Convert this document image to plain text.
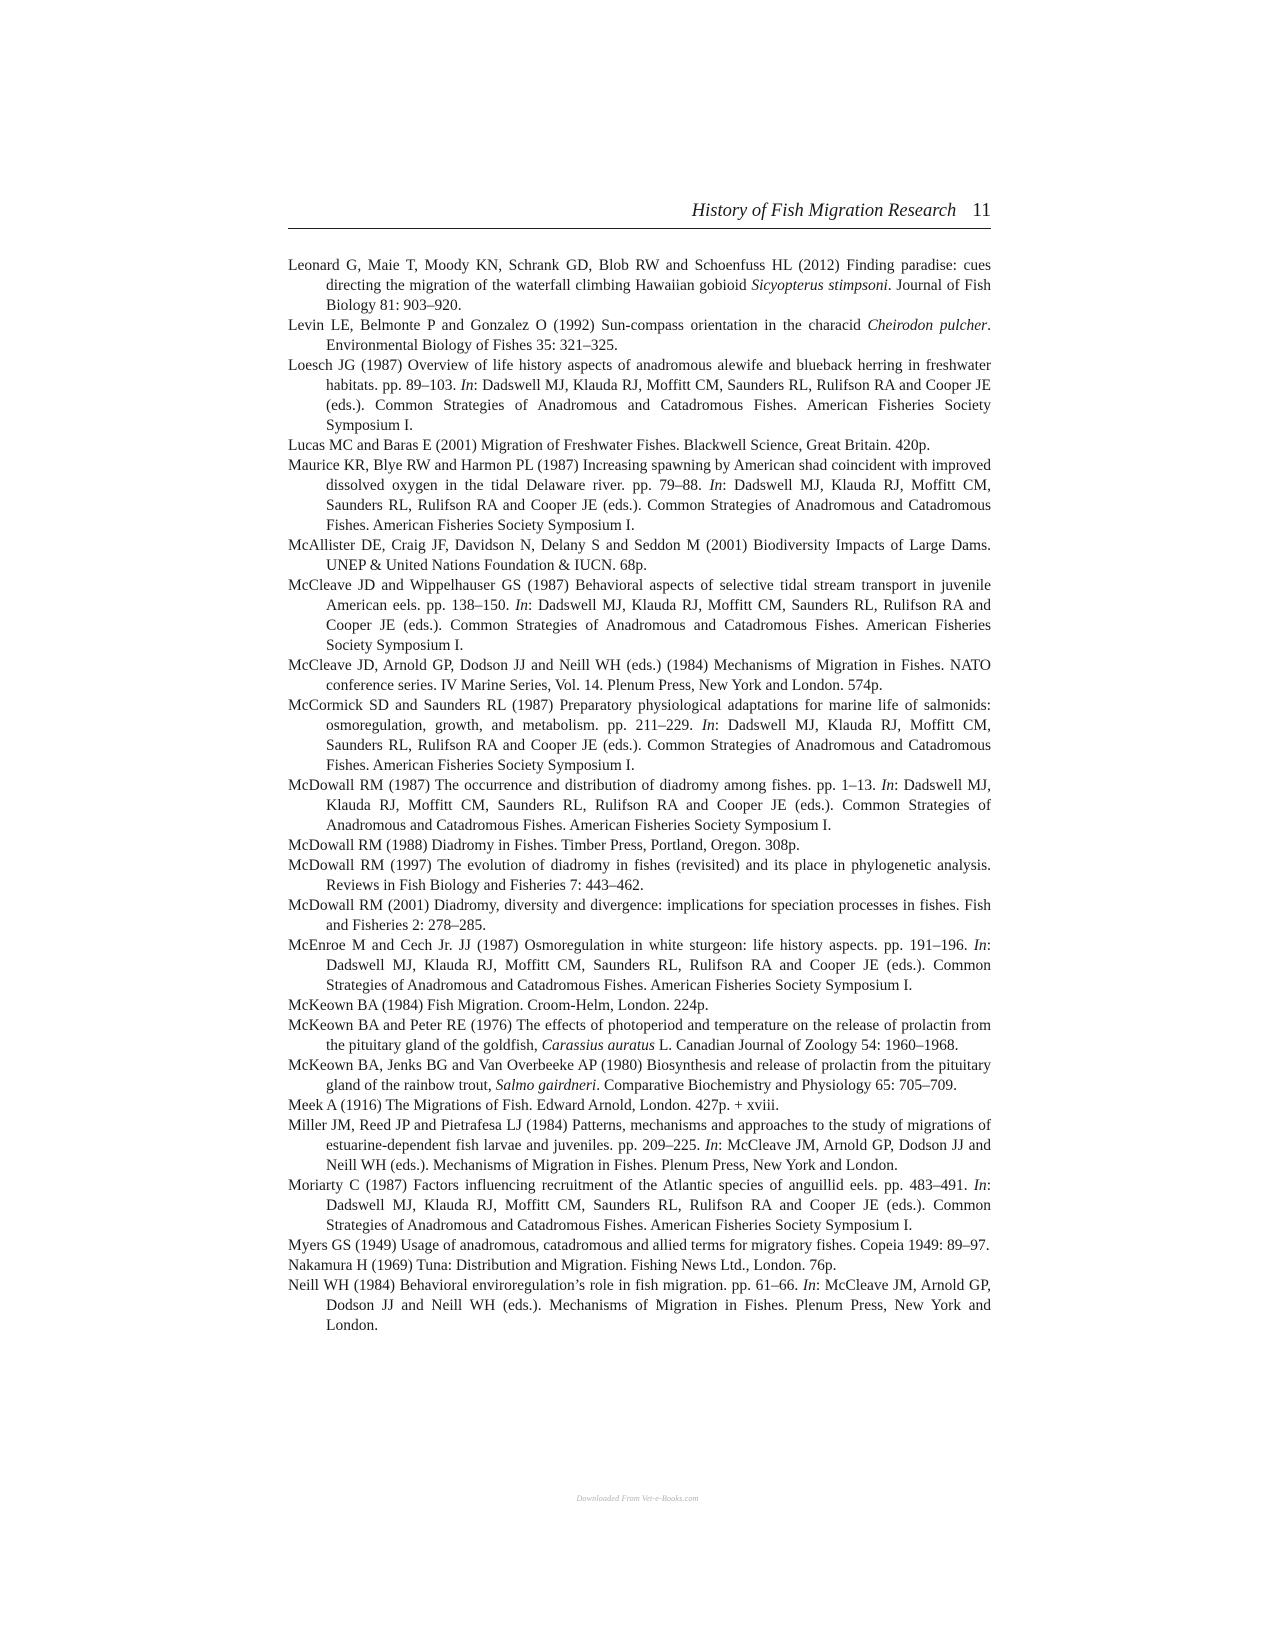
History of Fish Migration Research 11

Leonard G, Maie T, Moody KN, Schrank GD, Blob RW and Schoenfuss HL (2012) Finding paradise: cues directing the migration of the waterfall climbing Hawaiian gobioid Sicyopterus stimpsoni. Journal of Fish Biology 81: 903–920.

Levin LE, Belmonte P and Gonzalez O (1992) Sun-compass orientation in the characid Cheirodon pulcher. Environmental Biology of Fishes 35: 321–325.

Loesch JG (1987) Overview of life history aspects of anadromous alewife and blueback herring in freshwater habitats. pp. 89–103. In: Dadswell MJ, Klauda RJ, Moffitt CM, Saunders RL, Rulifson RA and Cooper JE (eds.). Common Strategies of Anadromous and Catadromous Fishes. American Fisheries Society Symposium I.

Lucas MC and Baras E (2001) Migration of Freshwater Fishes. Blackwell Science, Great Britain. 420p.

Maurice KR, Blye RW and Harmon PL (1987) Increasing spawning by American shad coincident with improved dissolved oxygen in the tidal Delaware river. pp. 79–88. In: Dadswell MJ, Klauda RJ, Moffitt CM, Saunders RL, Rulifson RA and Cooper JE (eds.). Common Strategies of Anadromous and Catadromous Fishes. American Fisheries Society Symposium I.

McAllister DE, Craig JF, Davidson N, Delany S and Seddon M (2001) Biodiversity Impacts of Large Dams. UNEP & United Nations Foundation & IUCN. 68p.

McCleave JD and Wippelhauser GS (1987) Behavioral aspects of selective tidal stream transport in juvenile American eels. pp. 138–150. In: Dadswell MJ, Klauda RJ, Moffitt CM, Saunders RL, Rulifson RA and Cooper JE (eds.). Common Strategies of Anadromous and Catadromous Fishes. American Fisheries Society Symposium I.

McCleave JD, Arnold GP, Dodson JJ and Neill WH (eds.) (1984) Mechanisms of Migration in Fishes. NATO conference series. IV Marine Series, Vol. 14. Plenum Press, New York and London. 574p.

McCormick SD and Saunders RL (1987) Preparatory physiological adaptations for marine life of salmonids: osmoregulation, growth, and metabolism. pp. 211–229. In: Dadswell MJ, Klauda RJ, Moffitt CM, Saunders RL, Rulifson RA and Cooper JE (eds.). Common Strategies of Anadromous and Catadromous Fishes. American Fisheries Society Symposium I.

McDowall RM (1987) The occurrence and distribution of diadromy among fishes. pp. 1–13. In: Dadswell MJ, Klauda RJ, Moffitt CM, Saunders RL, Rulifson RA and Cooper JE (eds.). Common Strategies of Anadromous and Catadromous Fishes. American Fisheries Society Symposium I.

McDowall RM (1988) Diadromy in Fishes. Timber Press, Portland, Oregon. 308p.

McDowall RM (1997) The evolution of diadromy in fishes (revisited) and its place in phylogenetic analysis. Reviews in Fish Biology and Fisheries 7: 443–462.

McDowall RM (2001) Diadromy, diversity and divergence: implications for speciation processes in fishes. Fish and Fisheries 2: 278–285.

McEnroe M and Cech Jr. JJ (1987) Osmoregulation in white sturgeon: life history aspects. pp. 191–196. In: Dadswell MJ, Klauda RJ, Moffitt CM, Saunders RL, Rulifson RA and Cooper JE (eds.). Common Strategies of Anadromous and Catadromous Fishes. American Fisheries Society Symposium I.

McKeown BA (1984) Fish Migration. Croom-Helm, London. 224p.

McKeown BA and Peter RE (1976) The effects of photoperiod and temperature on the release of prolactin from the pituitary gland of the goldfish, Carassius auratus L. Canadian Journal of Zoology 54: 1960–1968.

McKeown BA, Jenks BG and Van Overbeeke AP (1980) Biosynthesis and release of prolactin from the pituitary gland of the rainbow trout, Salmo gairdneri. Comparative Biochemistry and Physiology 65: 705–709.

Meek A (1916) The Migrations of Fish. Edward Arnold, London. 427p. + xviii.

Miller JM, Reed JP and Pietrafesa LJ (1984) Patterns, mechanisms and approaches to the study of migrations of estuarine-dependent fish larvae and juveniles. pp. 209–225. In: McCleave JM, Arnold GP, Dodson JJ and Neill WH (eds.). Mechanisms of Migration in Fishes. Plenum Press, New York and London.

Moriarty C (1987) Factors influencing recruitment of the Atlantic species of anguillid eels. pp. 483–491. In: Dadswell MJ, Klauda RJ, Moffitt CM, Saunders RL, Rulifson RA and Cooper JE (eds.). Common Strategies of Anadromous and Catadromous Fishes. American Fisheries Society Symposium I.

Myers GS (1949) Usage of anadromous, catadromous and allied terms for migratory fishes. Copeia 1949: 89–97.

Nakamura H (1969) Tuna: Distribution and Migration. Fishing News Ltd., London. 76p.

Neill WH (1984) Behavioral enviroregulation’s role in fish migration. pp. 61–66. In: McCleave JM, Arnold GP, Dodson JJ and Neill WH (eds.). Mechanisms of Migration in Fishes. Plenum Press, New York and London.

Downloaded From Vet-e-Books.com
